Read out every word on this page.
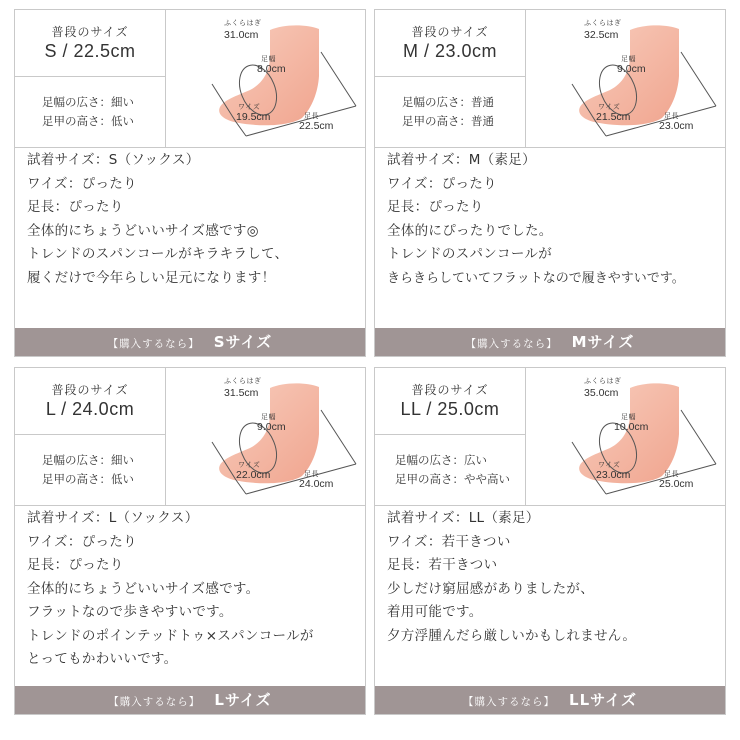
普段のサイズ
S / 22.5cm
足幅の広さ：細い
足甲の高さ：低い
ふくらはぎ
31.0cm
足幅
8.0cm
ワイズ
19.5cm	足長
22.5cm
試着サイズ：S（ソックス）
ワイズ：ぴったり
足長：ぴったり
全体的にちょうどいいサイズ感です◎
トレンドのスパンコールがキラキラして、
履くだけで今年らしい足元になります！
【購入するなら】 Sサイズ
普段のサイズ
M / 23.0cm
足幅の広さ：普通
足甲の高さ：普通
ふくらはぎ
32.5cm
足幅
9.0cm
ワイズ
21.5cm	足長
23.0cm
試着サイズ：M（素足）
ワイズ：ぴったり
足長：ぴったり
全体的にぴったりでした。
トレンドのスパンコールが
きらきらしていてフラットなので履きやすいです。
【購入するなら】 Mサイズ
普段のサイズ
L / 24.0cm
足幅の広さ：細い
足甲の高さ：低い
ふくらはぎ
31.5cm
足幅
9.0cm
ワイズ
22.0cm	足長
24.0cm
試着サイズ：L（ソックス）
ワイズ：ぴったり
足長：ぴったり
全体的にちょうどいいサイズ感です。
フラットなので歩きやすいです。
トレンドのポインテッドトゥ×スパンコールが
とってもかわいいです。
【購入するなら】 Lサイズ
普段のサイズ
LL / 25.0cm
足幅の広さ：広い
足甲の高さ：やや高い
ふくらはぎ
35.0cm
足幅
10.0cm
ワイズ
23.0cm	足長
25.0cm
試着サイズ：LL（素足）
ワイズ：若干きつい
足長：若干きつい
少しだけ窮屈感がありましたが、
着用可能です。
夕方浮腫んだら厳しいかもしれません。
【購入するなら】 LLサイズ
